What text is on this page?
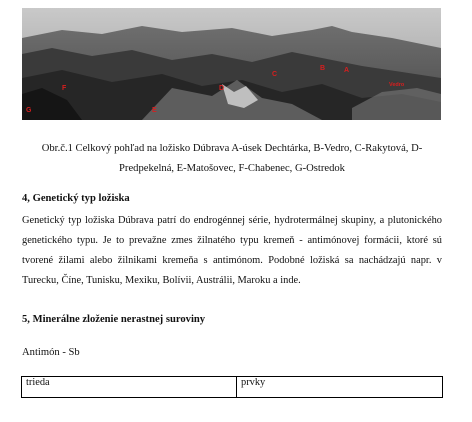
A
B
C
D
E
F
G
Vedro
Obr.č.1 Celkový pohľad na ložisko Dúbrava A-úsek Dechtárka, B-Vedro, C-Rakytová, D-Predpekelná, E-Matošovec, F-Chabenec, G-Ostredok
4, Genetický typ ložiska
Genetický typ ložiska Dúbrava patrí do endrogénnej série, hydrotermálnej skupiny, a plutonického genetického typu. Je to prevažne zmes žilnatého typu kremeň - antimónovej formácii, ktoré sú tvorené žilami alebo žilnikami kremeňa s antimónom. Podobné ložiská sa nachádzajú napr. v Turecku, Číne, Tunisku, Mexiku, Bolívii, Austrálii, Maroku a inde.
5, Minerálne zloženie nerastnej suroviny
Antimón - Sb
trieda	prvky
